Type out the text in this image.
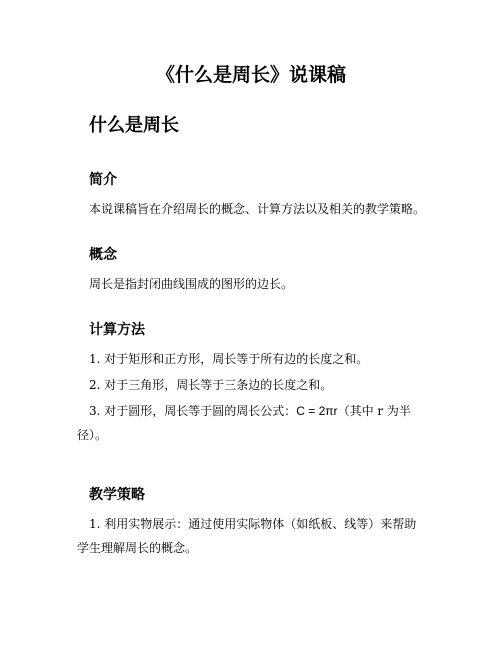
《什么是周长》说课稿
什么是周长
简介
本说课稿旨在介绍周长的概念、计算方法以及相关的教学策略。
概念
周长是指封闭曲线围成的图形的边长。
计算方法
1. 对于矩形和正方形，周长等于所有边的长度之和。
2. 对于三角形，周长等于三条边的长度之和。
3. 对于圆形，周长等于圆的周长公式：C = 2πr（其中 r 为半
径）。
教学策略
1. 利用实物展示：通过使用实际物体（如纸板、线等）来帮助
学生理解周长的概念。
